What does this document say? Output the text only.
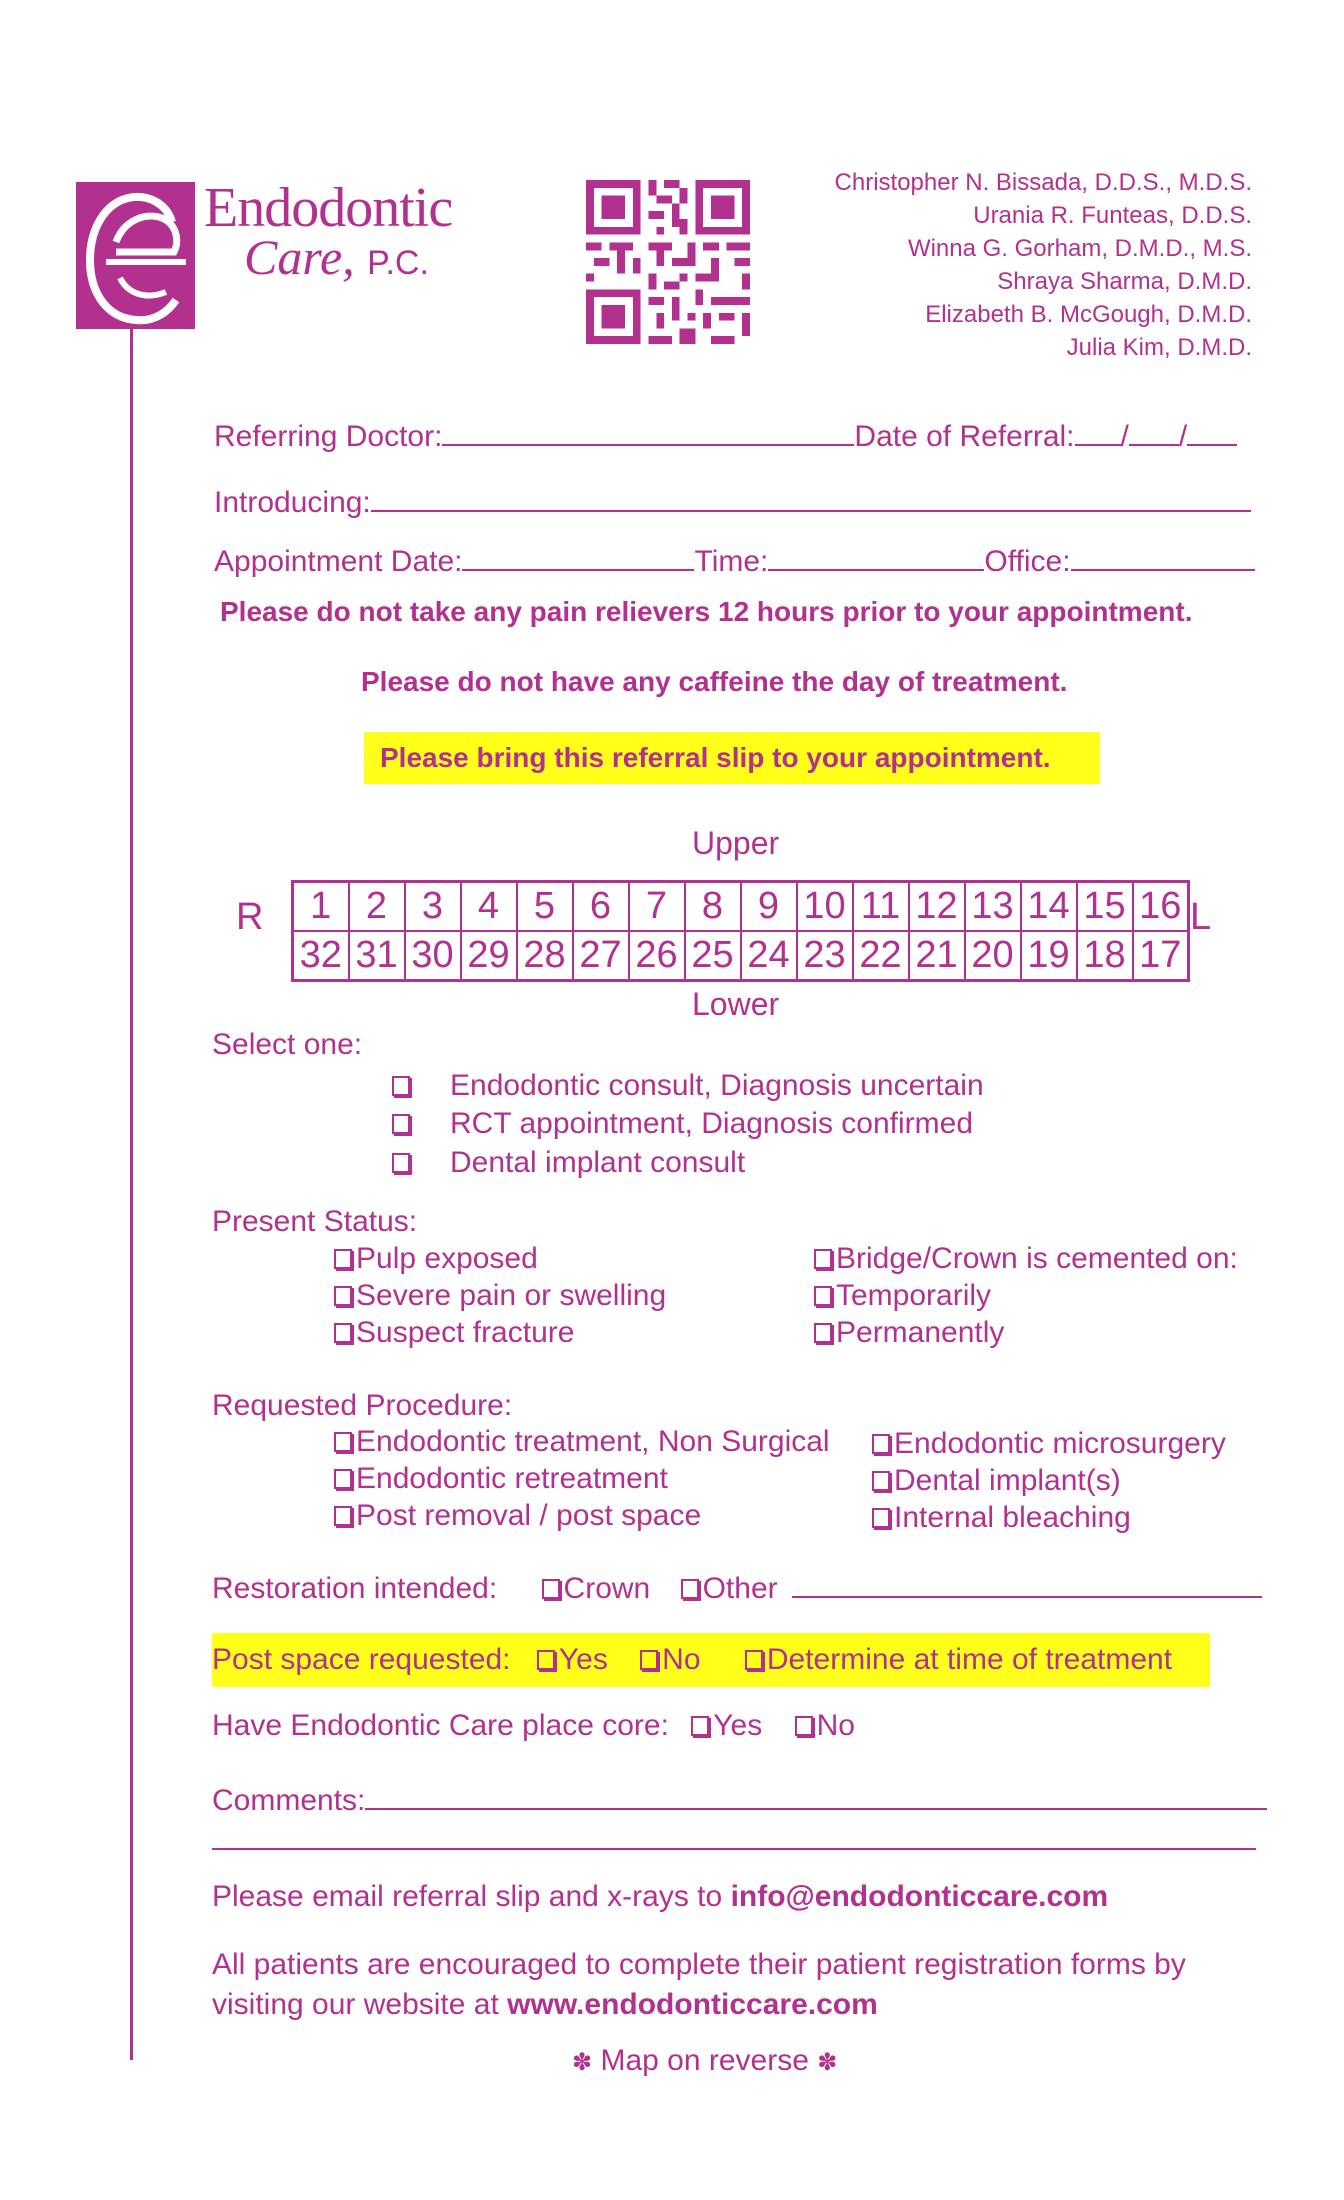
Endodontic
Care, P.C.
Christopher N. Bissada, D.D.S., M.D.S.
Urania R. Funteas, D.D.S.
Winna G. Gorham, D.M.D., M.S.
Shraya Sharma, D.M.D.
Elizabeth B. McGough, D.M.D.
Julia Kim, D.M.D.
Referring Doctor:	Date of Referral: / /
Introducing:
Appointment Date:	Time:	Office:
Please do not take any pain relievers 12 hours prior to your appointment.
Please do not have any caffeine the day of treatment.
Please bring this referral slip to your appointment.
Upper
R	L
1	2	3	4	5	6	7	8	9	10	11	12	13	14	15	16
32	31	30	29	28	27	26	25	24	23	22	21	20	19	18	17
Lower
Select one:
Endodontic consult, Diagnosis uncertain
RCT appointment, Diagnosis confirmed
Dental implant consult
Present Status:
Pulp exposed
Severe pain or swelling
Suspect fracture
Bridge/Crown is cemented on:
Temporarily
Permanently
Requested Procedure:
Endodontic treatment, Non Surgical
Endodontic retreatment
Post removal / post space
Endodontic microsurgery
Dental implant(s)
Internal bleaching
Restoration intended: Crown Other
Post space requested: Yes No Determine at time of treatment
Have Endodontic Care place core: Yes No
Comments:
Please email referral slip and x-rays to info@endodonticcare.com
All patients are encouraged to complete their patient registration forms by
visiting our website at www.endodonticcare.com
✽ Map on reverse ✽
